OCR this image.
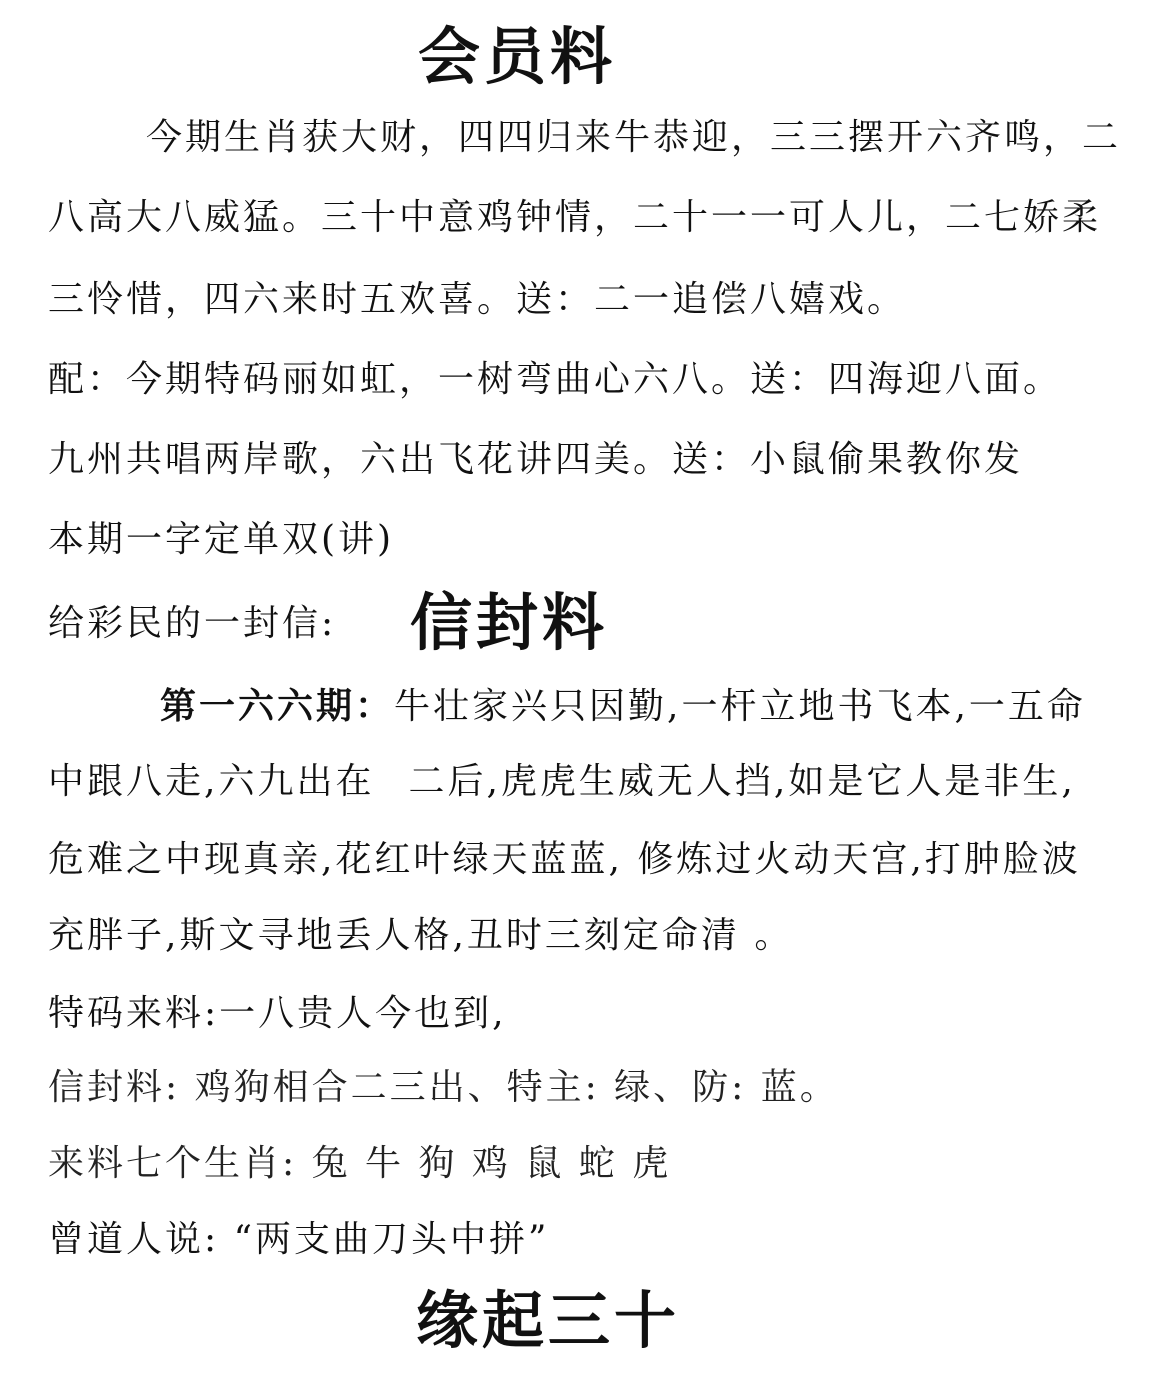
会员料
今期生肖获大财，四四归来牛恭迎，三三摆开六齐鸣，二
八高大八威猛。三十中意鸡钟情，二十一一可人儿，二七娇柔
三怜惜，四六来时五欢喜。送：二一追偿八嬉戏。
配：今期特码丽如虹，一树弯曲心六八。送：四海迎八面。
九州共唱两岸歌，六出飞花讲四美。送：小鼠偷果教你发
本期一字定单双(讲)
给彩民的一封信: 信封料
第一六六期：牛壮家兴只因勤,一杆立地书飞本,一五命
中跟八走,六九出在 二后,虎虎生威无人挡,如是它人是非生,
危难之中现真亲,花红叶绿天蓝蓝, 修炼过火动天宫,打肿脸波
充胖子,斯文寻地丢人格,丑时三刻定命清 。
特码来料:一八贵人今也到,
信封料: 鸡狗相合二三出、特主: 绿、防: 蓝。
来料七个生肖: 兔 牛 狗 鸡 鼠 蛇 虎
曾道人说: “两支曲刀头中拼”
缘起三十
